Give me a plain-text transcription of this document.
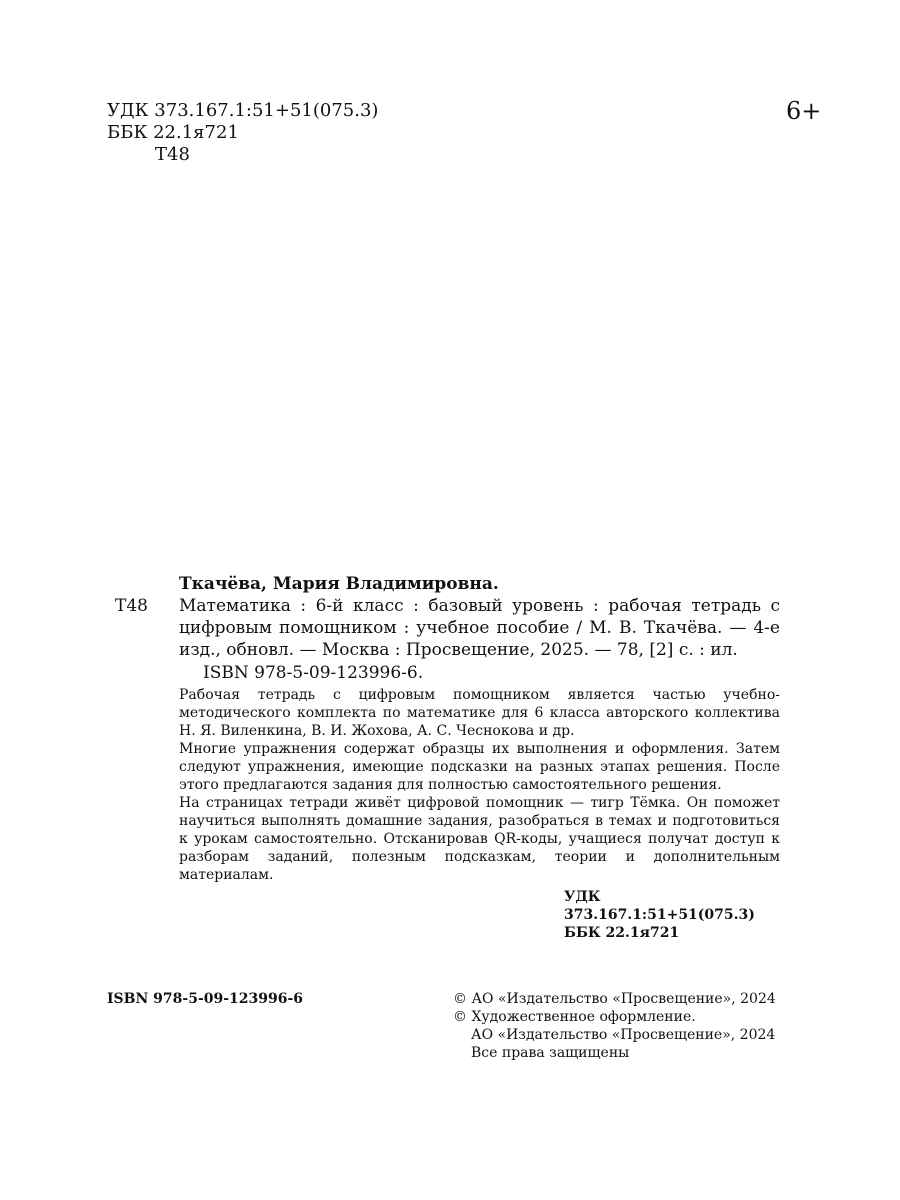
УДК 373.167.1:51+51(075.3)
ББК 22.1я721
Т48
6+
Ткачёва, Мария Владимировна.
Т48 Математика : 6-й класс : базовый уровень : рабочая тетрадь с цифровым помощником : учебное пособие / М. В. Ткачёва. — 4-е изд., обновл. — Москва : Просвещение, 2025. — 78, [2] с. : ил.
ISBN 978-5-09-123996-6.

Рабочая тетрадь с цифровым помощником является частью учебно-методического комплекта по математике для 6 класса авторского коллектива Н. Я. Виленкина, В. И. Жохова, А. С. Чеснокова и др.

Многие упражнения содержат образцы их выполнения и оформления. Затем следуют упражнения, имеющие подсказки на разных этапах решения. После этого предлагаются задания для полностью самостоятельного решения.

На страницах тетради живёт цифровой помощник — тигр Тёмка. Он поможет научиться выполнять домашние задания, разобраться в темах и подготовиться к урокам самостоятельно. Отсканировав QR-коды, учащиеся получат доступ к разборам заданий, полезным подсказкам, теории и дополнительным материалам.

УДК 373.167.1:51+51(075.3)
ББК 22.1я721
ISBN 978-5-09-123996-6	© АО «Издательство «Просвещение», 2024
© Художественное оформление.
АО «Издательство «Просвещение», 2024
Все права защищены
